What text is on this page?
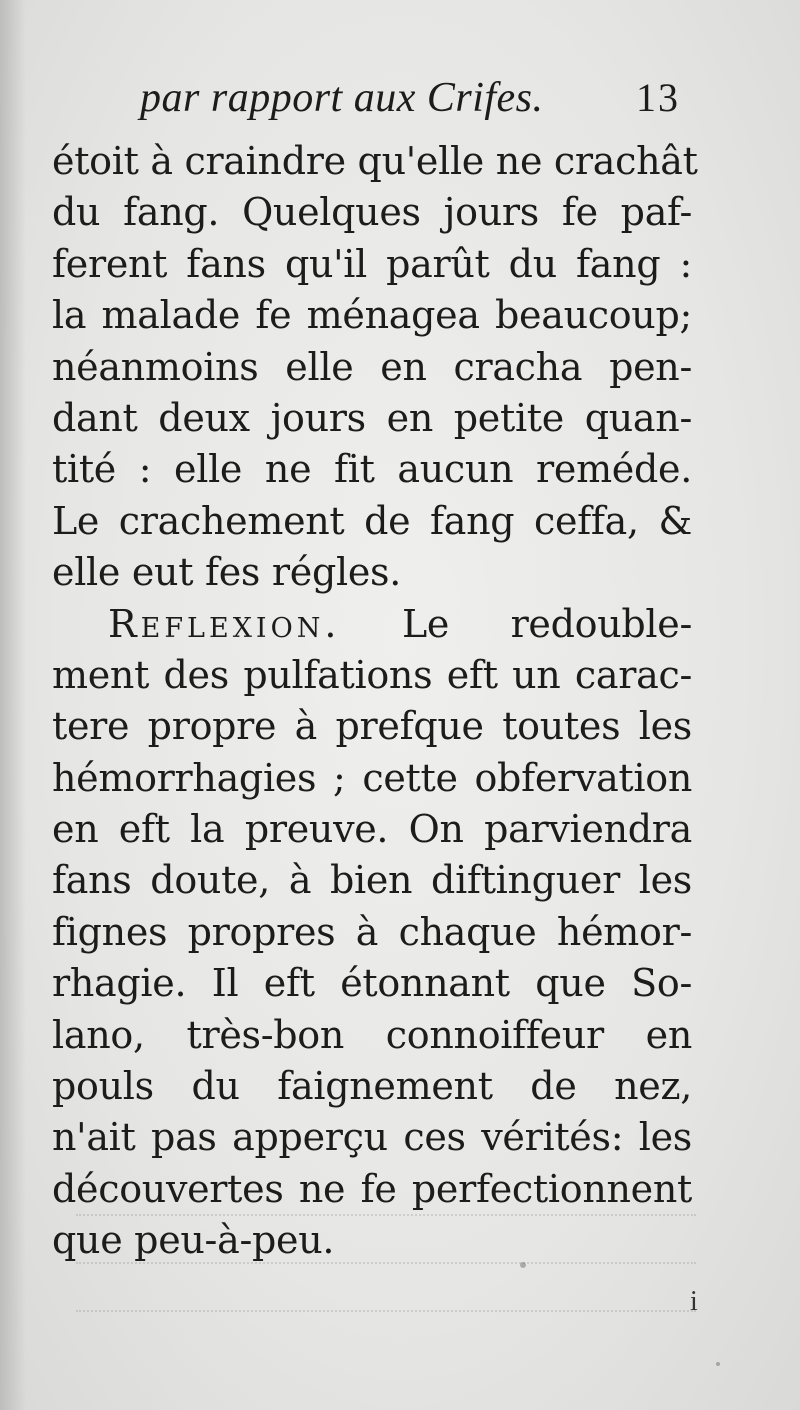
par rapport aux Crifes. 13
étoit à craindre qu'elle ne crachât
du fang. Quelques jours fe paf-
ferent fans qu'il parût du fang :
la malade fe ménagea beaucoup;
néanmoins elle en cracha pen-
dant deux jours en petite quan-
tité : elle ne fit aucun reméde.
Le crachement de fang ceffa, &
elle eut fes régles.
Reflexion. Le redouble-
ment des pulfations eft un carac-
tere propre à prefque toutes les
hémorrhagies ; cette obfervation
en eft la preuve. On parviendra
fans doute, à bien diftinguer les
fignes propres à chaque hémor-
rhagie. Il eft étonnant que So-
lano, très-bon connoiffeur en
pouls du faignement de nez,
n'ait pas apperçu ces vérités: les
découvertes ne fe perfectionnent
que peu-à-peu.
i
